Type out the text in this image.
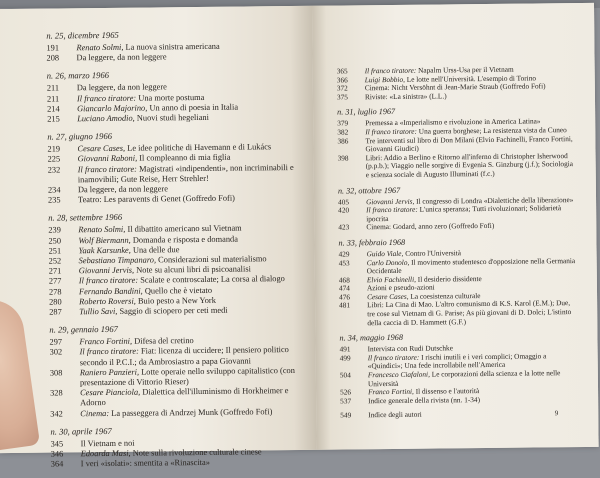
n. 25, dicembre 1965
191	Renato Solmi, La nuova sinistra americana
208	Da leggere, da non leggere
n. 26, marzo 1966
211	Da leggere, da non leggere
211	Il franco tiratore: Una morte postuma
214	Giancarlo Majorino, Un anno di poesia in Italia
215	Luciano Amodio, Nuovi studi hegeliani
n. 27, giugno 1966
219	Cesare Cases, Le idee politiche di Havemann e di Lukács
225	Giovanni Raboni, Il compleanno di mia figlia
232	Il franco tiratore: Magistrati «indipendenti», non incriminabili e inamovibili; Gute Reise, Herr Strehler!
234	Da leggere, da non leggere
235	Teatro: Les paravents di Genet (Goffredo Fofi)
n. 28, settembre 1966
239	Renato Solmi, Il dibattito americano sul Vietnam
250	Wolf Biermann, Domanda e risposta e domanda
251	Yaak Karsunke, Una delle due
252	Sebastiano Timpanaro, Considerazioni sul materialismo
271	Giovanni Jervis, Note su alcuni libri di psicoanalisi
277	Il franco tiratore: Scalate e controscalate; La corsa al dialogo
278	Fernando Bandini, Quello che è vietato
280	Roberto Roversi, Buio pesto a New York
287	Tullio Savi, Saggio di sciopero per ceti medi
n. 29, gennaio 1967
297	Franco Fortini, Difesa del cretino
302	Il franco tiratore: Fiat: licenza di uccidere; Il pensiero politico secondo il P.C.I.; da Ambrosiastro a papa Giovanni
308	Raniero Panzieri, Lotte operaie nello sviluppo capitalistico (con presentazione di Vittorio Rieser)
328	Cesare Pianciola, Dialettica dell'illuminismo di Horkheimer e Adorno
342	Cinema: La passeggera di Andrzej Munk (Goffredo Fofi)
n. 30, aprile 1967
345	Il Vietnam e noi
346	Edoarda Masi, Note sulla rivoluzione culturale cinese
364	I veri «isolati»: smentita a «Rinascita»
365	Il franco tiratore: Napalm Urss-Usa per il Vietnam
366	Luigi Bobbio, Le lotte nell'Università. L'esempio di Torino
372	Cinema: Nicht Versöhnt di Jean-Marie Straub (Goffredo Fofi)
375	Riviste: «La sinistra» (L.L.)
n. 31, luglio 1967
379	Premessa a «Imperialismo e rivoluzione in America Latina»
382	Il franco tiratore: Una guerra borghese; La resistenza vista da Cuneo
386	Tre interventi sul libro di Don Milani (Elvio Fachinelli, Franco Fortini, Giovanni Giudici)
398	Libri: Addio a Berlino e Ritorno all'inferno di Christopher Isherwood (p.p.b.); Viaggio nelle sorgive di Evgenia S. Ginzburg (j.f.); Sociologia e scienza sociale di Augusto Illuminati (f.c.)
n. 32, ottobre 1967
405	Giovanni Jervis, Il congresso di Londra «Dialettiche della liberazione»
420	Il franco tiratore: L'unica speranza; Tutti rivoluzionari; Solidarietà ipocrita
423	Cinema: Godard, anno zero (Goffredo Fofi)
n. 33, febbraio 1968
429	Guido Viale, Contro l'Università
453	Carlo Donolo, Il movimento studentesco d'opposizione nella Germania Occidentale
468	Elvio Fachinelli, Il desiderio dissidente
474	Azioni e pseudo-azioni
476	Cesare Cases, La coesistenza culturale
481	Libri: La Cina di Mao. L'altro comunismo di K.S. Karol (E.M.); Due, tre cose sul Vietnam di G. Parise; As più giovani di D. Dolci; L'istinto della caccia di D. Hammett (G.F.)
n. 34, maggio 1968
491	Intervista con Rudi Dutschke
499	Il franco tiratore: I rischi inutili e i veri complici; Omaggio a «Quindici»; Una fede incrollabile nell'America
504	Francesco Ciafaloni, Le corporazioni della scienza e la lotte nelle Università
526	Franco Fortini, Il dissenso e l'autorità
537	Indice generale della rivista (nn. 1-34)
549	Indice degli autori	9
